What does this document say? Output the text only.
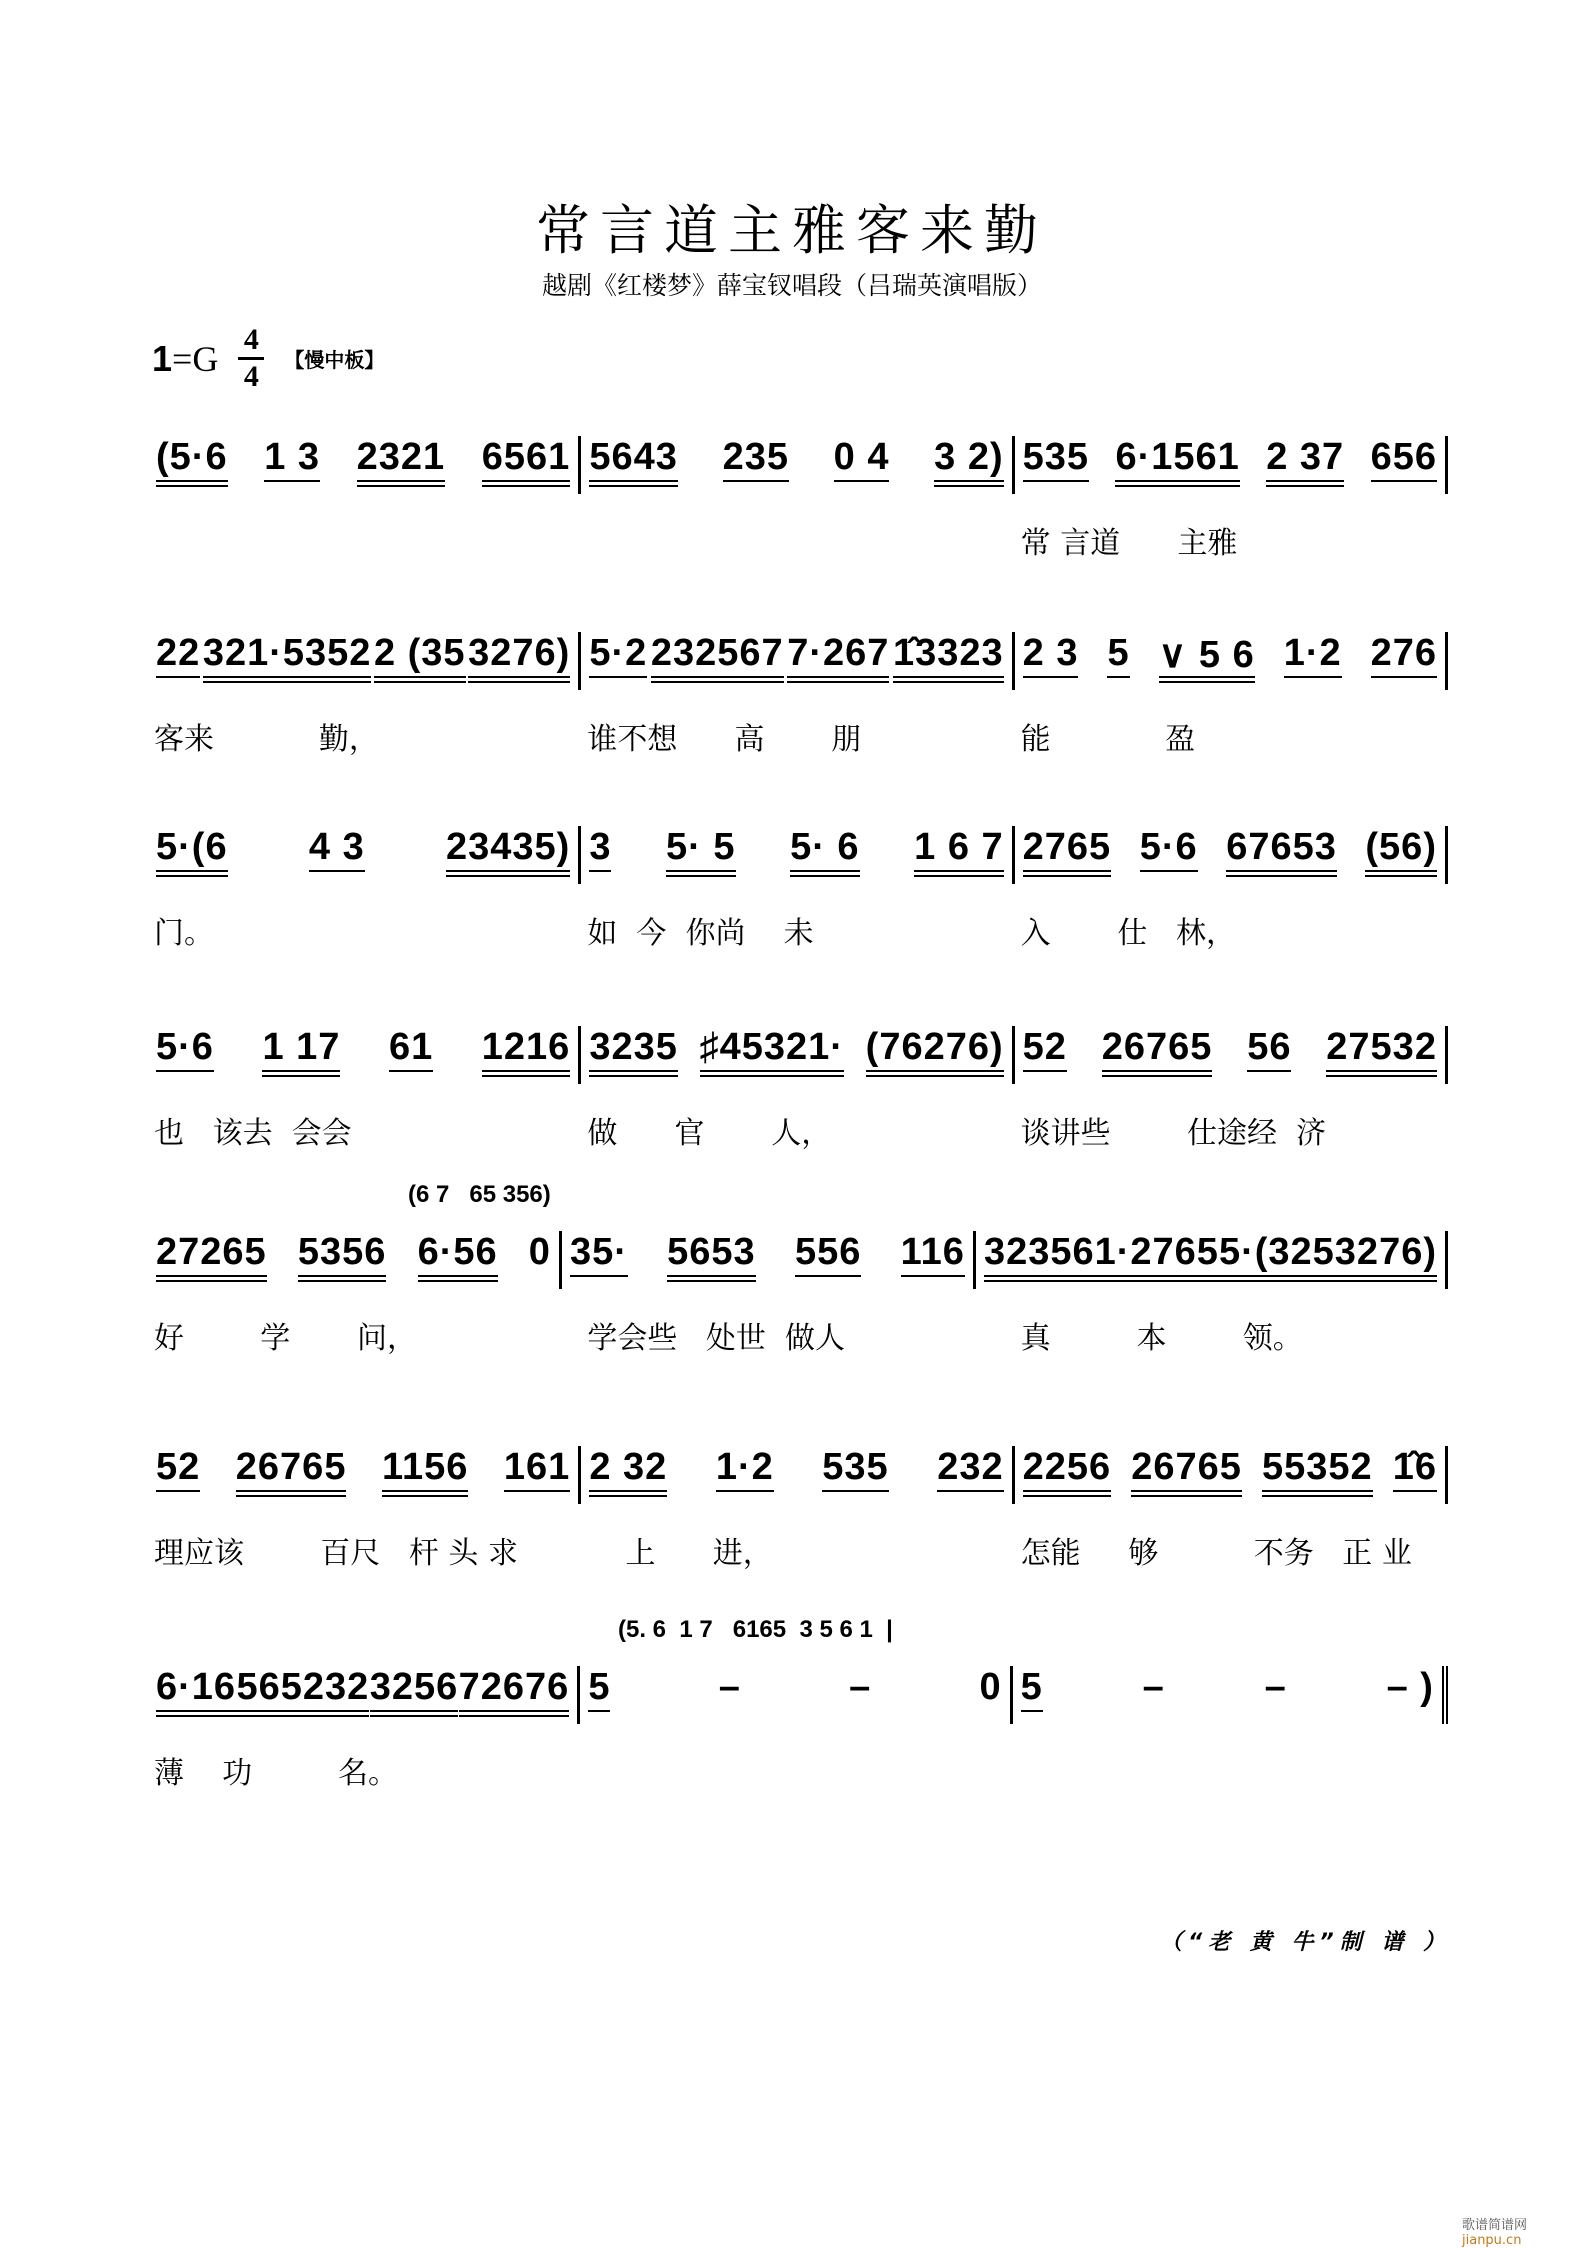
常言道主雅客来勤
越剧《红楼梦》薛宝钗唱段（吕瑞英演唱版）
1=G 4
4 【慢中板】
(5·6 1 3 2321 6561 5643 235 0 4 3 2) 535 6·1561 2 37 656
常 言道      主雅
22 321·5352 2 (35 3276) 5·2 232567 7·267 1̂3323 2 3 5 ∨ 5 6 1·2 276
客来           勤，	谁不想      高       朋	能            盈
5·(6 4 3 23435) 3 5· 5 5· 6 1 6 7 2765 5·6 67653 (56)
门。	如  今  你尚    未	入       仕   林，
5·6 1 17 61 1216 3235 ♯45321· (76276) 52 26765 56 27532
也   该去  会会	做      官       人，	谈讲些        仕途经  济
27265 5356 6·56 0 35· 5653 556 116 323561· 2765 5·(325 3276)
好        学       问，	学会些   处世  做人	真         本        领。
(6 7   65 356)
52 26765 1156 161 2 32 1·2 535 232 2256 26765 55352 1̂6
理应该        百尺   杆 头 求	上      进，	怎能     够          不务   正 业
6·16 565232 3256 72676 5	–	–	0 5	–	–	– )
薄    功         名。
(5. 6  1 7   6165  3 5 6 1  |
（“老 黄 牛”制 谱 ）
歌谱简谱网 jianpu.cn
